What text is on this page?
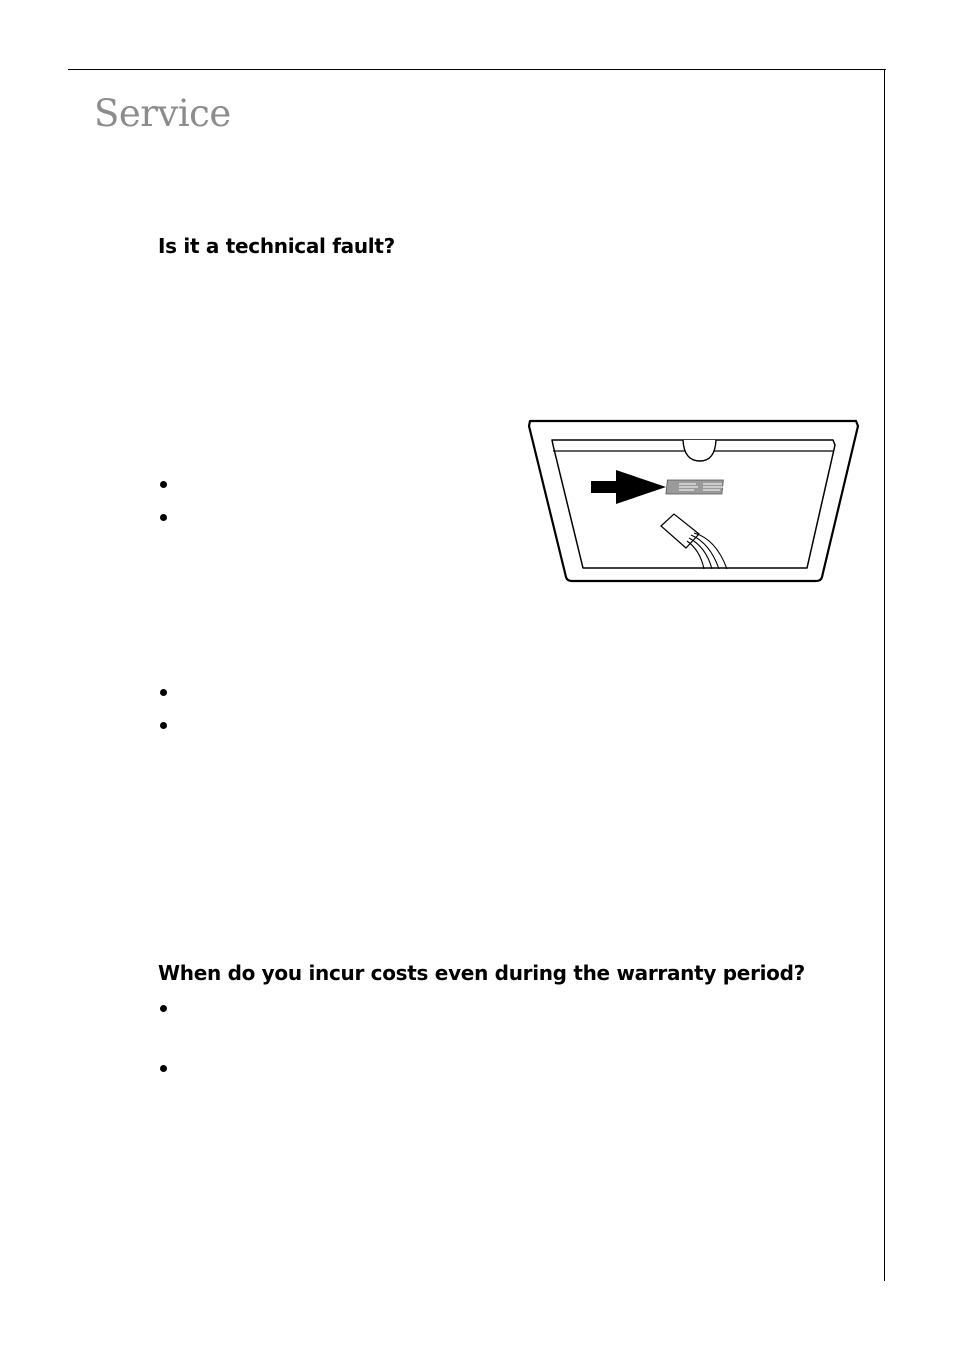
Service
Is it a technical fault?
When do you incur costs even during the warranty period?
